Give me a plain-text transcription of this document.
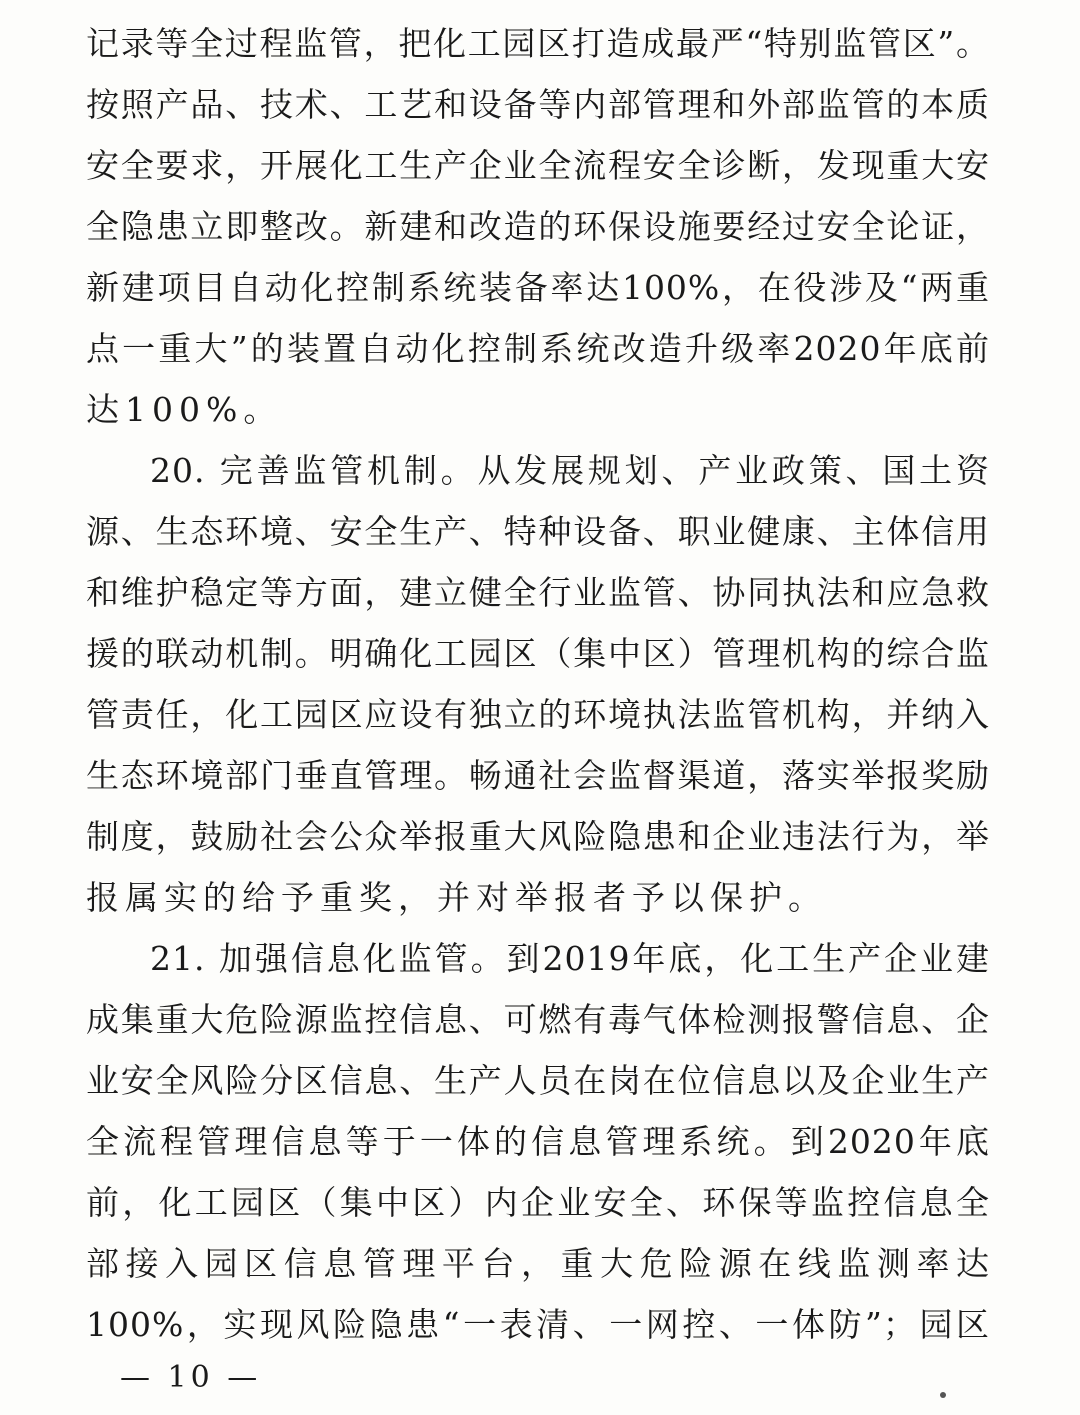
记录等全过程监管，把化工园区打造成最严“特别监管区”。
按照产品、技术、工艺和设备等内部管理和外部监管的本质
安全要求，开展化工生产企业全流程安全诊断，发现重大安
全隐患立即整改。新建和改造的环保设施要经过安全论证，
新建项目自动化控制系统装备率达100%，在役涉及“两重
点一重大”的装置自动化控制系统改造升级率2020年底前
达100%。
20. 完善监管机制。从发展规划、产业政策、国土资
源、生态环境、安全生产、特种设备、职业健康、主体信用
和维护稳定等方面，建立健全行业监管、协同执法和应急救
援的联动机制。明确化工园区（集中区）管理机构的综合监
管责任，化工园区应设有独立的环境执法监管机构，并纳入
生态环境部门垂直管理。畅通社会监督渠道，落实举报奖励
制度，鼓励社会公众举报重大风险隐患和企业违法行为，举
报属实的给予重奖，并对举报者予以保护。
21. 加强信息化监管。到2019年底，化工生产企业建
成集重大危险源监控信息、可燃有毒气体检测报警信息、企
业安全风险分区信息、生产人员在岗在位信息以及企业生产
全流程管理信息等于一体的信息管理系统。到2020年底
前，化工园区（集中区）内企业安全、环保等监控信息全
部接入园区信息管理平台，重大危险源在线监测率达
100%，实现风险隐患“一表清、一网控、一体防”；园区
— 10 —
